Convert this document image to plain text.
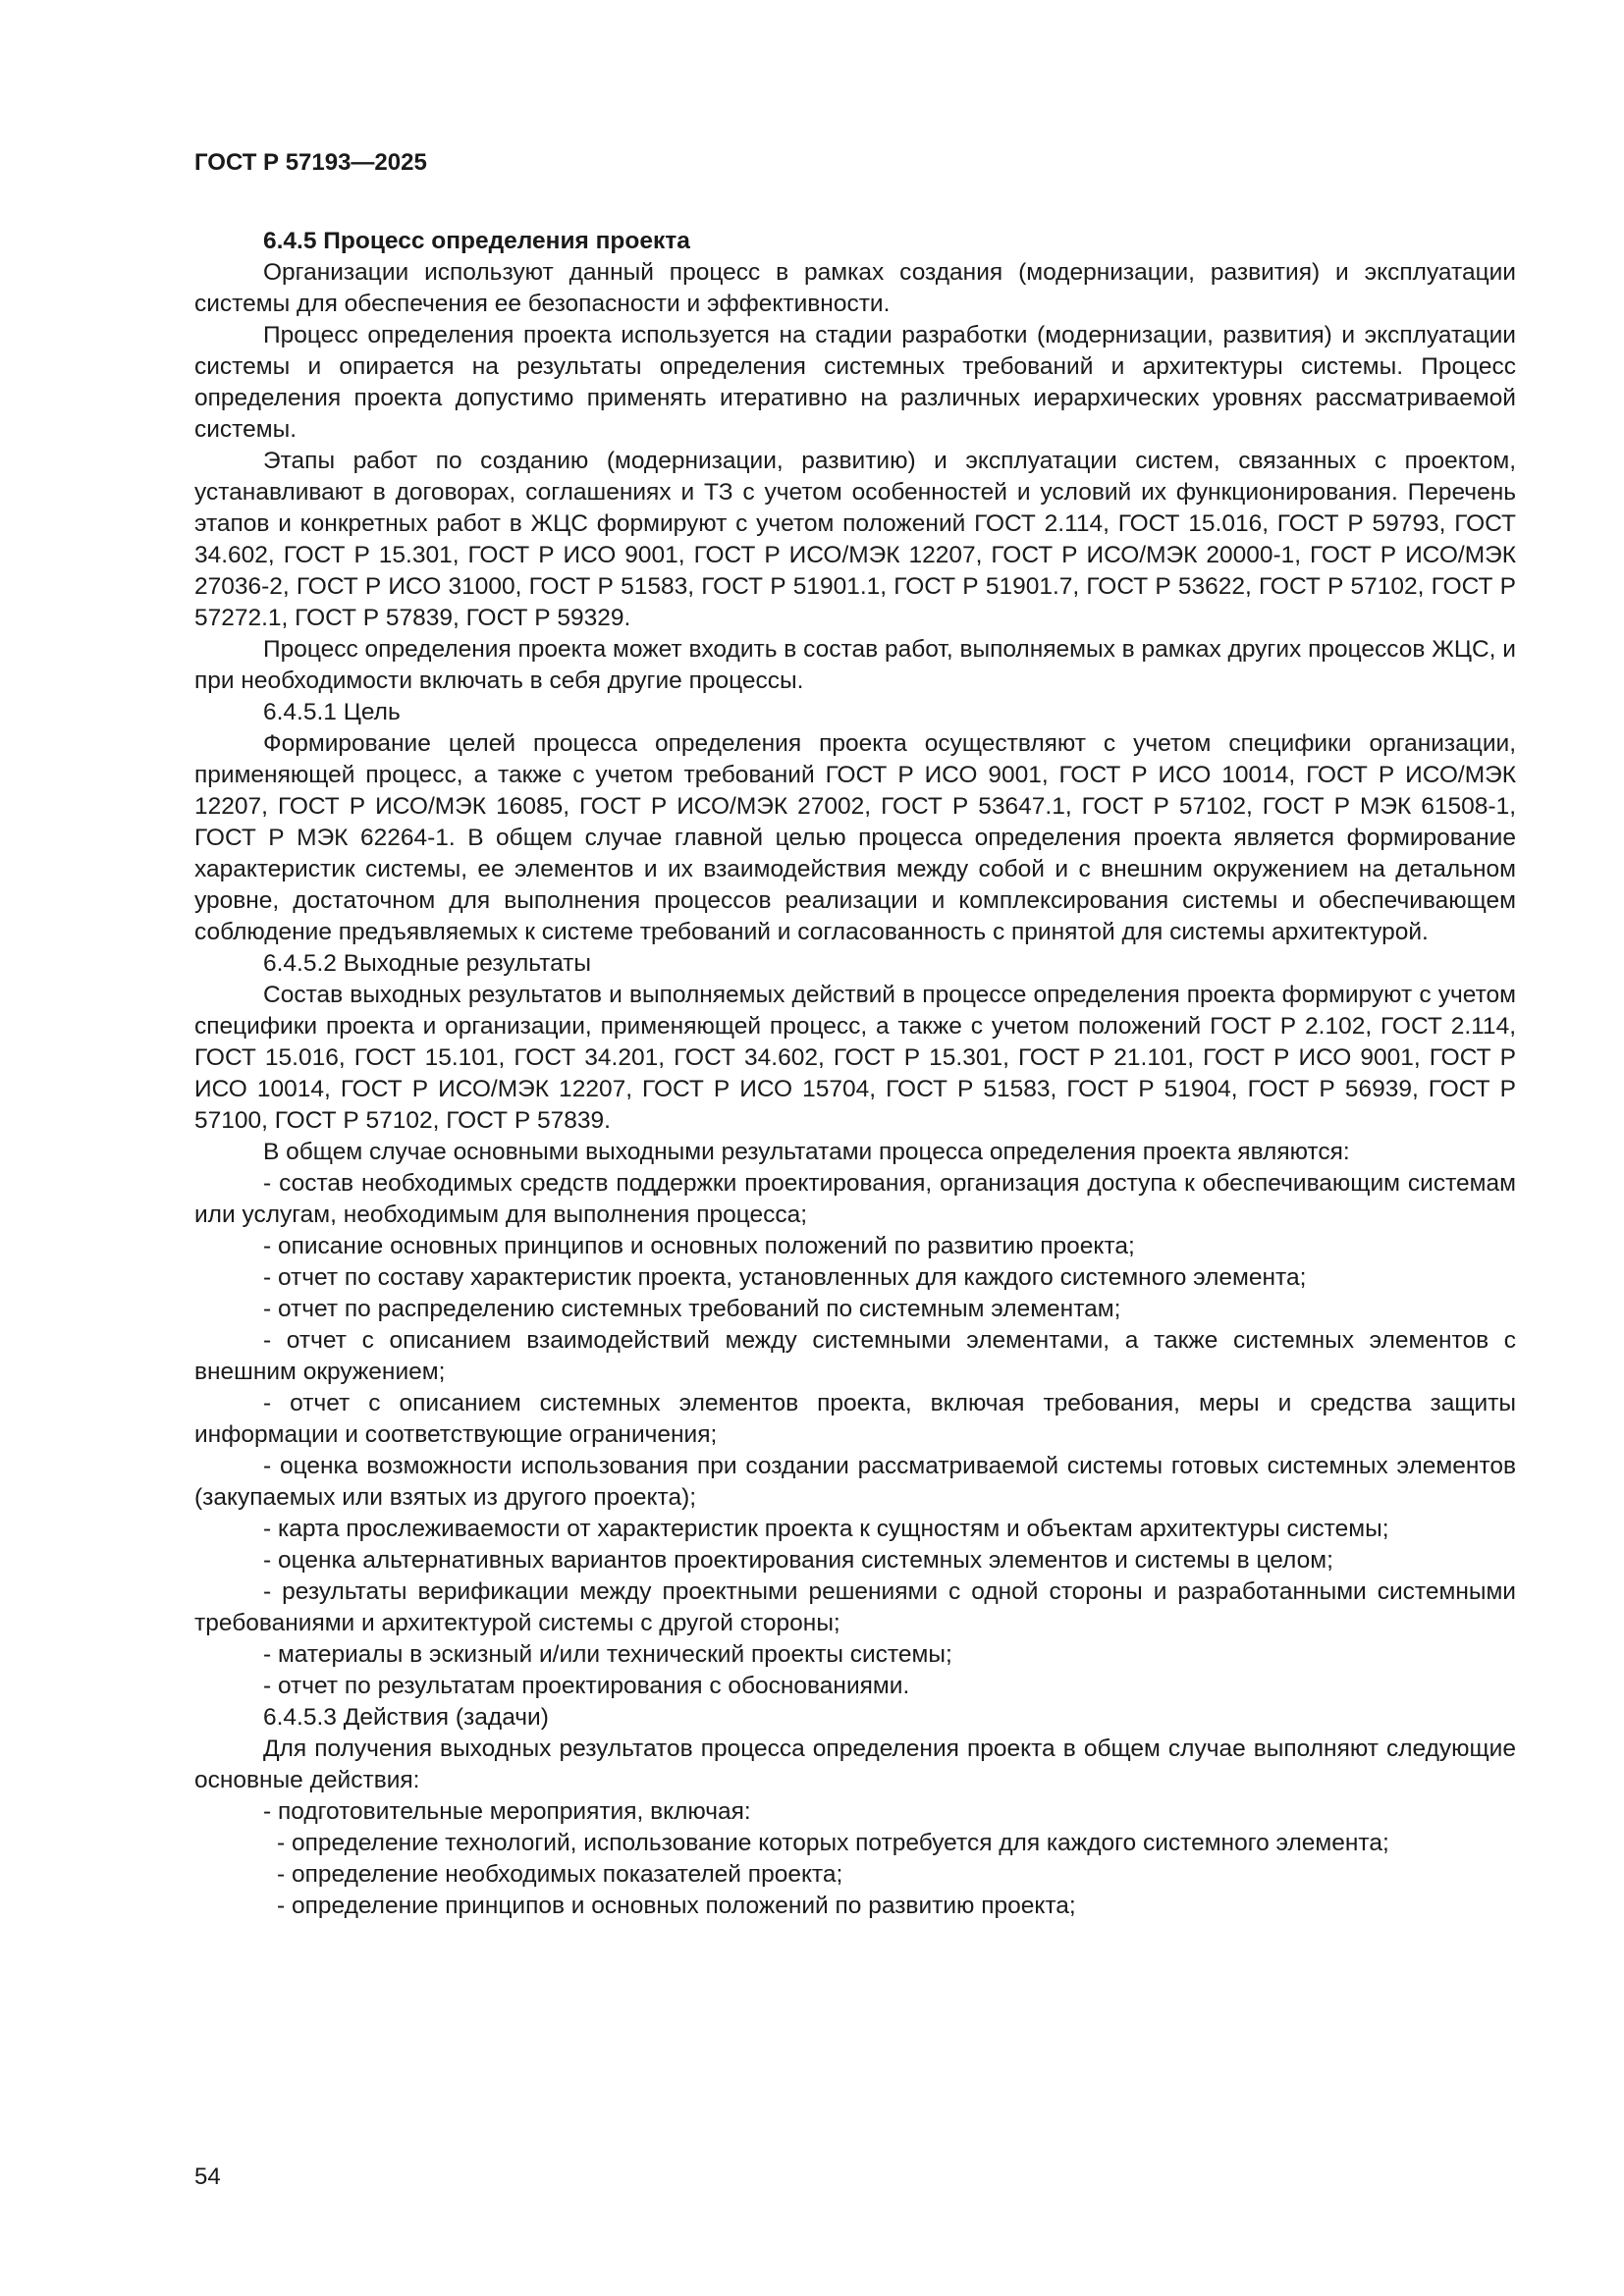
ГОСТ Р 57193—2025
6.4.5 Процесс определения проекта

Организации используют данный процесс в рамках создания (модернизации, развития) и эксплуатации системы для обеспечения ее безопасности и эффективности.

Процесс определения проекта используется на стадии разработки (модернизации, развития) и эксплуатации системы и опирается на результаты определения системных требований и архитектуры системы. Процесс определения проекта допустимо применять итеративно на различных иерархических уровнях рассматриваемой системы.

Этапы работ по созданию (модернизации, развитию) и эксплуатации систем, связанных с проектом, устанавливают в договорах, соглашениях и ТЗ с учетом особенностей и условий их функционирования. Перечень этапов и конкретных работ в ЖЦС формируют с учетом положений ГОСТ 2.114, ГОСТ 15.016, ГОСТ Р 59793, ГОСТ 34.602, ГОСТ Р 15.301, ГОСТ Р ИСО 9001, ГОСТ Р ИСО/МЭК 12207, ГОСТ Р ИСО/МЭК 20000-1, ГОСТ Р ИСО/МЭК 27036-2, ГОСТ Р ИСО 31000, ГОСТ Р 51583, ГОСТ Р 51901.1, ГОСТ Р 51901.7, ГОСТ Р 53622, ГОСТ Р 57102, ГОСТ Р 57272.1, ГОСТ Р 57839, ГОСТ Р 59329.

Процесс определения проекта может входить в состав работ, выполняемых в рамках других процессов ЖЦС, и при необходимости включать в себя другие процессы.

6.4.5.1 Цель

Формирование целей процесса определения проекта осуществляют с учетом специфики организации, применяющей процесс, а также с учетом требований ГОСТ Р ИСО 9001, ГОСТ Р ИСО 10014, ГОСТ Р ИСО/МЭК 12207, ГОСТ Р ИСО/МЭК 16085, ГОСТ Р ИСО/МЭК 27002, ГОСТ Р 53647.1, ГОСТ Р 57102, ГОСТ Р МЭК 61508-1, ГОСТ Р МЭК 62264-1. В общем случае главной целью процесса определения проекта является формирование характеристик системы, ее элементов и их взаимодействия между собой и с внешним окружением на детальном уровне, достаточном для выполнения процессов реализации и комплексирования системы и обеспечивающем соблюдение предъявляемых к системе требований и согласованность с принятой для системы архитектурой.

6.4.5.2 Выходные результаты

Состав выходных результатов и выполняемых действий в процессе определения проекта формируют с учетом специфики проекта и организации, применяющей процесс, а также с учетом положений ГОСТ Р 2.102, ГОСТ 2.114, ГОСТ 15.016, ГОСТ 15.101, ГОСТ 34.201, ГОСТ 34.602, ГОСТ Р 15.301, ГОСТ Р 21.101, ГОСТ Р ИСО 9001, ГОСТ Р ИСО 10014, ГОСТ Р ИСО/МЭК 12207, ГОСТ Р ИСО 15704, ГОСТ Р 51583, ГОСТ Р 51904, ГОСТ Р 56939, ГОСТ Р 57100, ГОСТ Р 57102, ГОСТ Р 57839.

В общем случае основными выходными результатами процесса определения проекта являются:

- состав необходимых средств поддержки проектирования, организация доступа к обеспечивающим системам или услугам, необходимым для выполнения процесса;

- описание основных принципов и основных положений по развитию проекта;

- отчет по составу характеристик проекта, установленных для каждого системного элемента;

- отчет по распределению системных требований по системным элементам;

- отчет с описанием взаимодействий между системными элементами, а также системных элементов с внешним окружением;

- отчет с описанием системных элементов проекта, включая требования, меры и средства защиты информации и соответствующие ограничения;

- оценка возможности использования при создании рассматриваемой системы готовых системных элементов (закупаемых или взятых из другого проекта);

- карта прослеживаемости от характеристик проекта к сущностям и объектам архитектуры системы;

- оценка альтернативных вариантов проектирования системных элементов и системы в целом;

- результаты верификации между проектными решениями с одной стороны и разработанными системными требованиями и архитектурой системы с другой стороны;

- материалы в эскизный и/или технический проекты системы;

- отчет по результатам проектирования с обоснованиями.

6.4.5.3 Действия (задачи)

Для получения выходных результатов процесса определения проекта в общем случае выполняют следующие основные действия:

- подготовительные мероприятия, включая:

- определение технологий, использование которых потребуется для каждого системного элемента;

- определение необходимых показателей проекта;

- определение принципов и основных положений по развитию проекта;

54
